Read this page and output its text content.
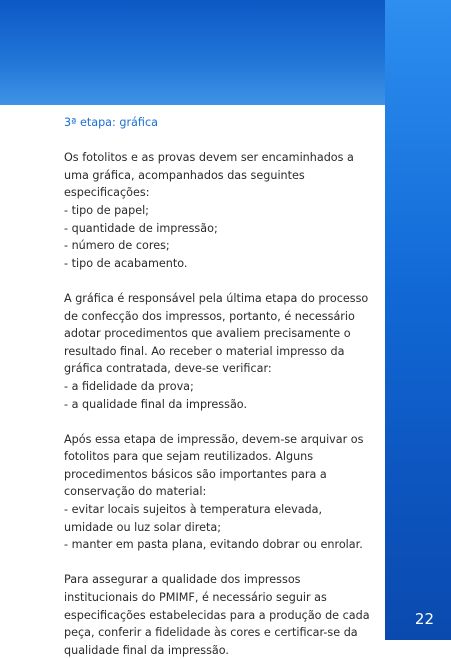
22

3ª etapa: gráfica

Os fotolitos e as provas devem ser encaminhados a uma gráfica, acompanhados das seguintes especificações:

- tipo de papel;

- quantidade de impressão;

- número de cores;

- tipo de acabamento.

A gráfica é responsável pela última etapa do processo de confecção dos impressos, portanto, é necessário adotar procedimentos que avaliem precisamente o resultado final. Ao receber o material impresso da gráfica contratada, deve-se verificar:

- a fidelidade da prova;

- a qualidade final da impressão.

Após essa etapa de impressão, devem-se arquivar os fotolitos para que sejam reutilizados. Alguns procedimentos básicos são importantes para a conservação do material:

- evitar locais sujeitos à temperatura elevada, umidade ou luz solar direta;

- manter em pasta plana, evitando dobrar ou enrolar.

Para assegurar a qualidade dos impressos institucionais do PMIMF, é necessário seguir as especificações estabelecidas para a produção de cada peça, conferir a fidelidade às cores e certificar-se da qualidade final da impressão.
